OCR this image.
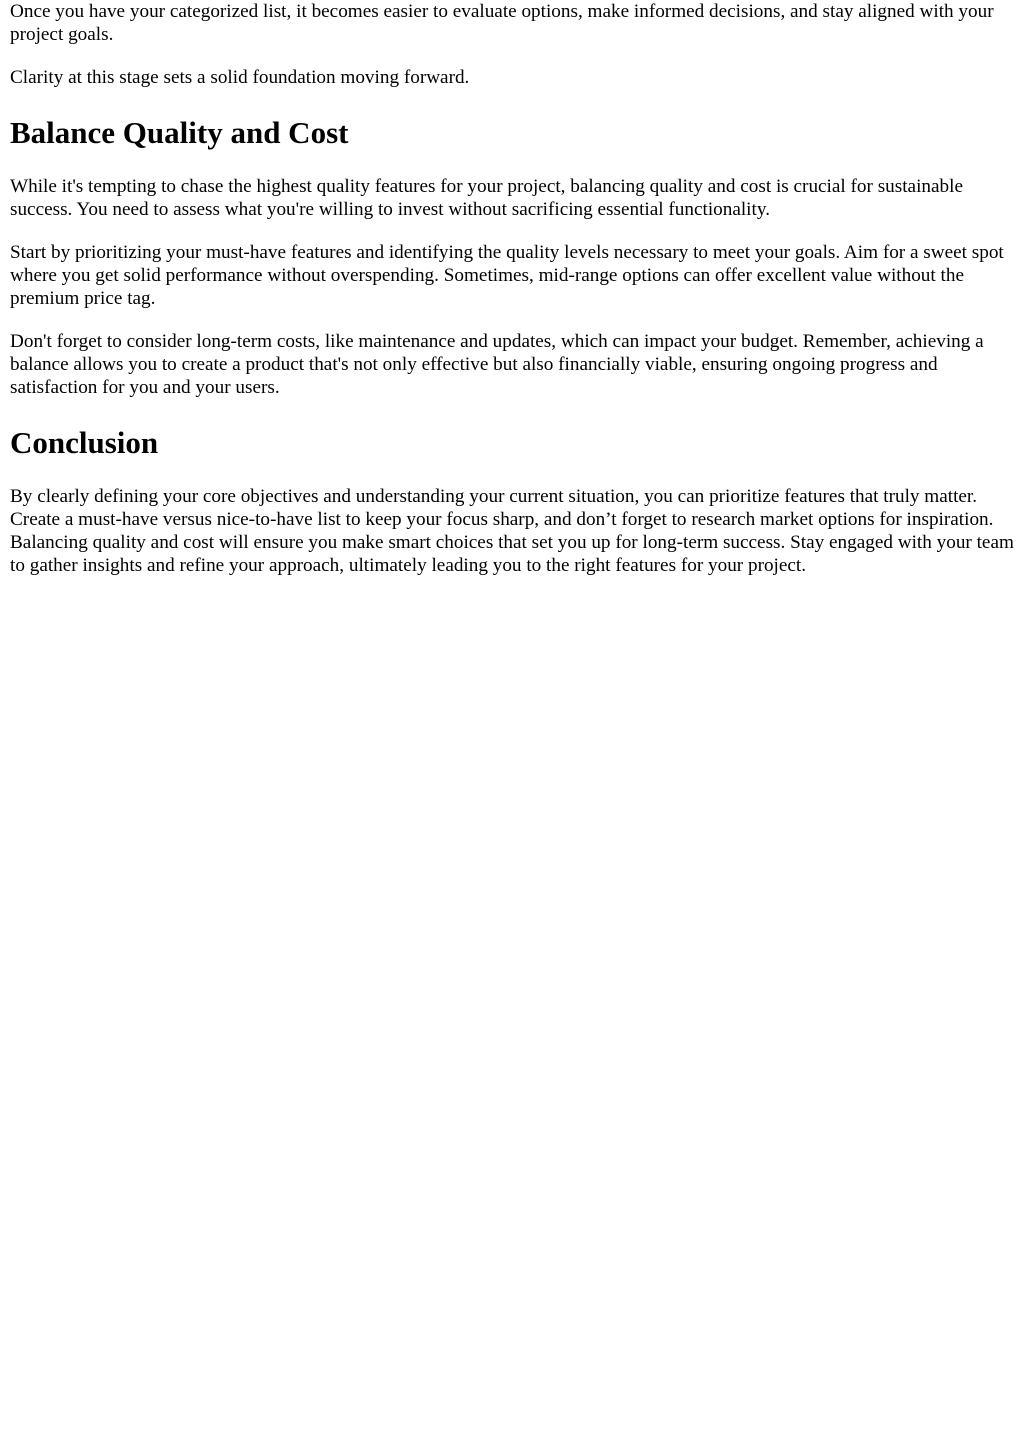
Once you have your categorized list, it becomes easier to evaluate options, make informed decisions, and stay aligned with your project goals.

Clarity at this stage sets a solid foundation moving forward.

Balance Quality and Cost

While it's tempting to chase the highest quality features for your project, balancing quality and cost is crucial for sustainable success. You need to assess what you're willing to invest without sacrificing essential functionality.

Start by prioritizing your must-have features and identifying the quality levels necessary to meet your goals. Aim for a sweet spot where you get solid performance without overspending. Sometimes, mid-range options can offer excellent value without the premium price tag.

Don't forget to consider long-term costs, like maintenance and updates, which can impact your budget. Remember, achieving a balance allows you to create a product that's not only effective but also financially viable, ensuring ongoing progress and satisfaction for you and your users.

Conclusion

By clearly defining your core objectives and understanding your current situation, you can prioritize features that truly matter. Create a must-have versus nice-to-have list to keep your focus sharp, and don’t forget to research market options for inspiration. Balancing quality and cost will ensure you make smart choices that set you up for long-term success. Stay engaged with your team to gather insights and refine your approach, ultimately leading you to the right features for your project.
